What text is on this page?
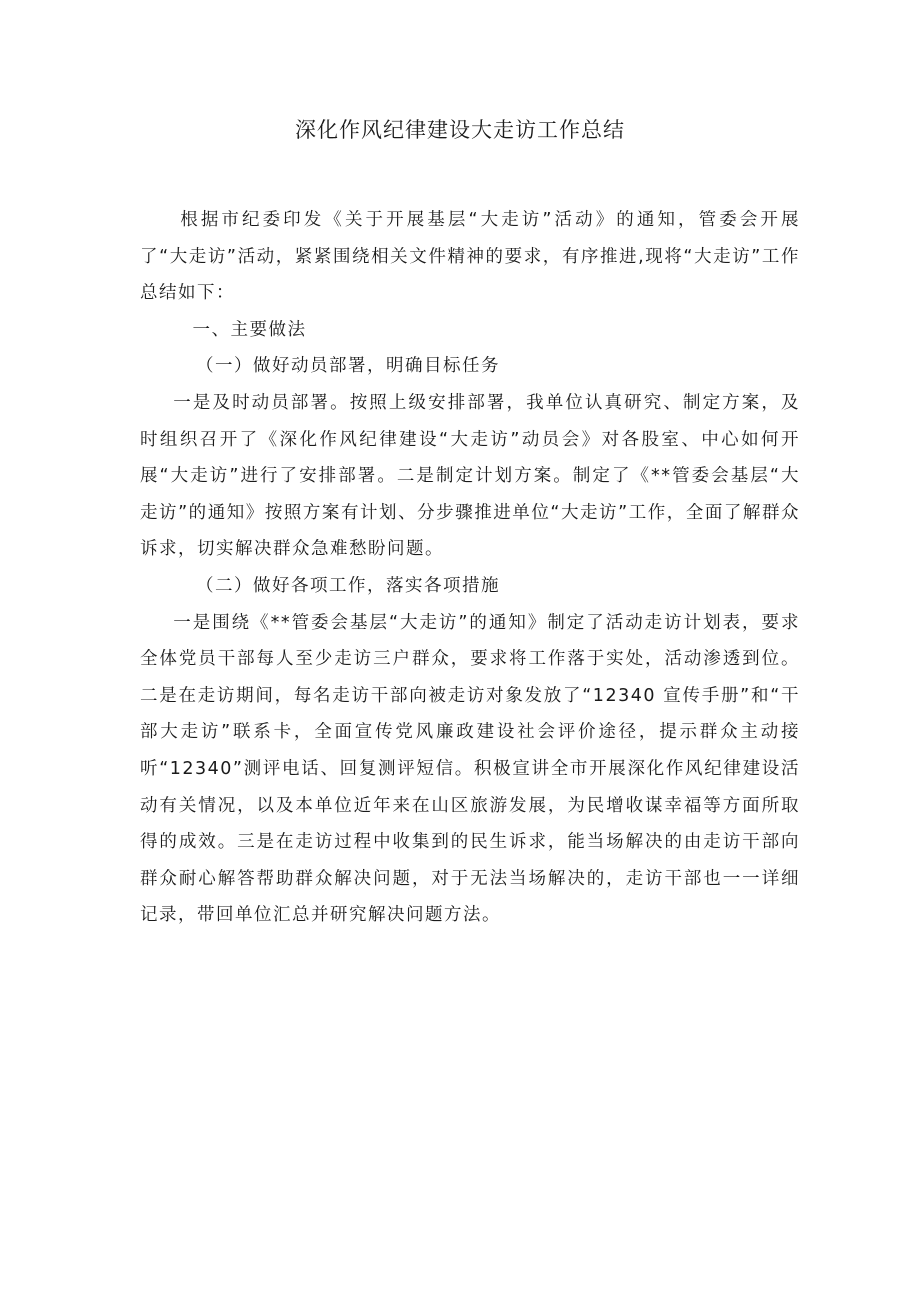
深化作风纪律建设大走访工作总结

根据市纪委印发《关于开展基层“大走访”活动》的通知，管委会开展了“大走访”活动，紧紧围绕相关文件精神的要求，有序推进,现将“大走访”工作总结如下：

一、主要做法

（一）做好动员部署，明确目标任务

一是及时动员部署。按照上级安排部署，我单位认真研究、制定方案，及时组织召开了《深化作风纪律建设“大走访”动员会》对各股室、中心如何开展“大走访”进行了安排部署。二是制定计划方案。制定了《**管委会基层“大走访”的通知》按照方案有计划、分步骤推进单位“大走访”工作，全面了解群众诉求，切实解决群众急难愁盼问题。

（二）做好各项工作，落实各项措施

一是围绕《**管委会基层“大走访”的通知》制定了活动走访计划表，要求全体党员干部每人至少走访三户群众，要求将工作落于实处，活动渗透到位。二是在走访期间，每名走访干部向被走访对象发放了“12340 宣传手册”和“干部大走访”联系卡，全面宣传党风廉政建设社会评价途径，提示群众主动接听“12340”测评电话、回复测评短信。积极宣讲全市开展深化作风纪律建设活动有关情况，以及本单位近年来在山区旅游发展，为民增收谋幸福等方面所取得的成效。三是在走访过程中收集到的民生诉求，能当场解决的由走访干部向群众耐心解答帮助群众解决问题，对于无法当场解决的，走访干部也一一详细记录，带回单位汇总并研究解决问题方法。
